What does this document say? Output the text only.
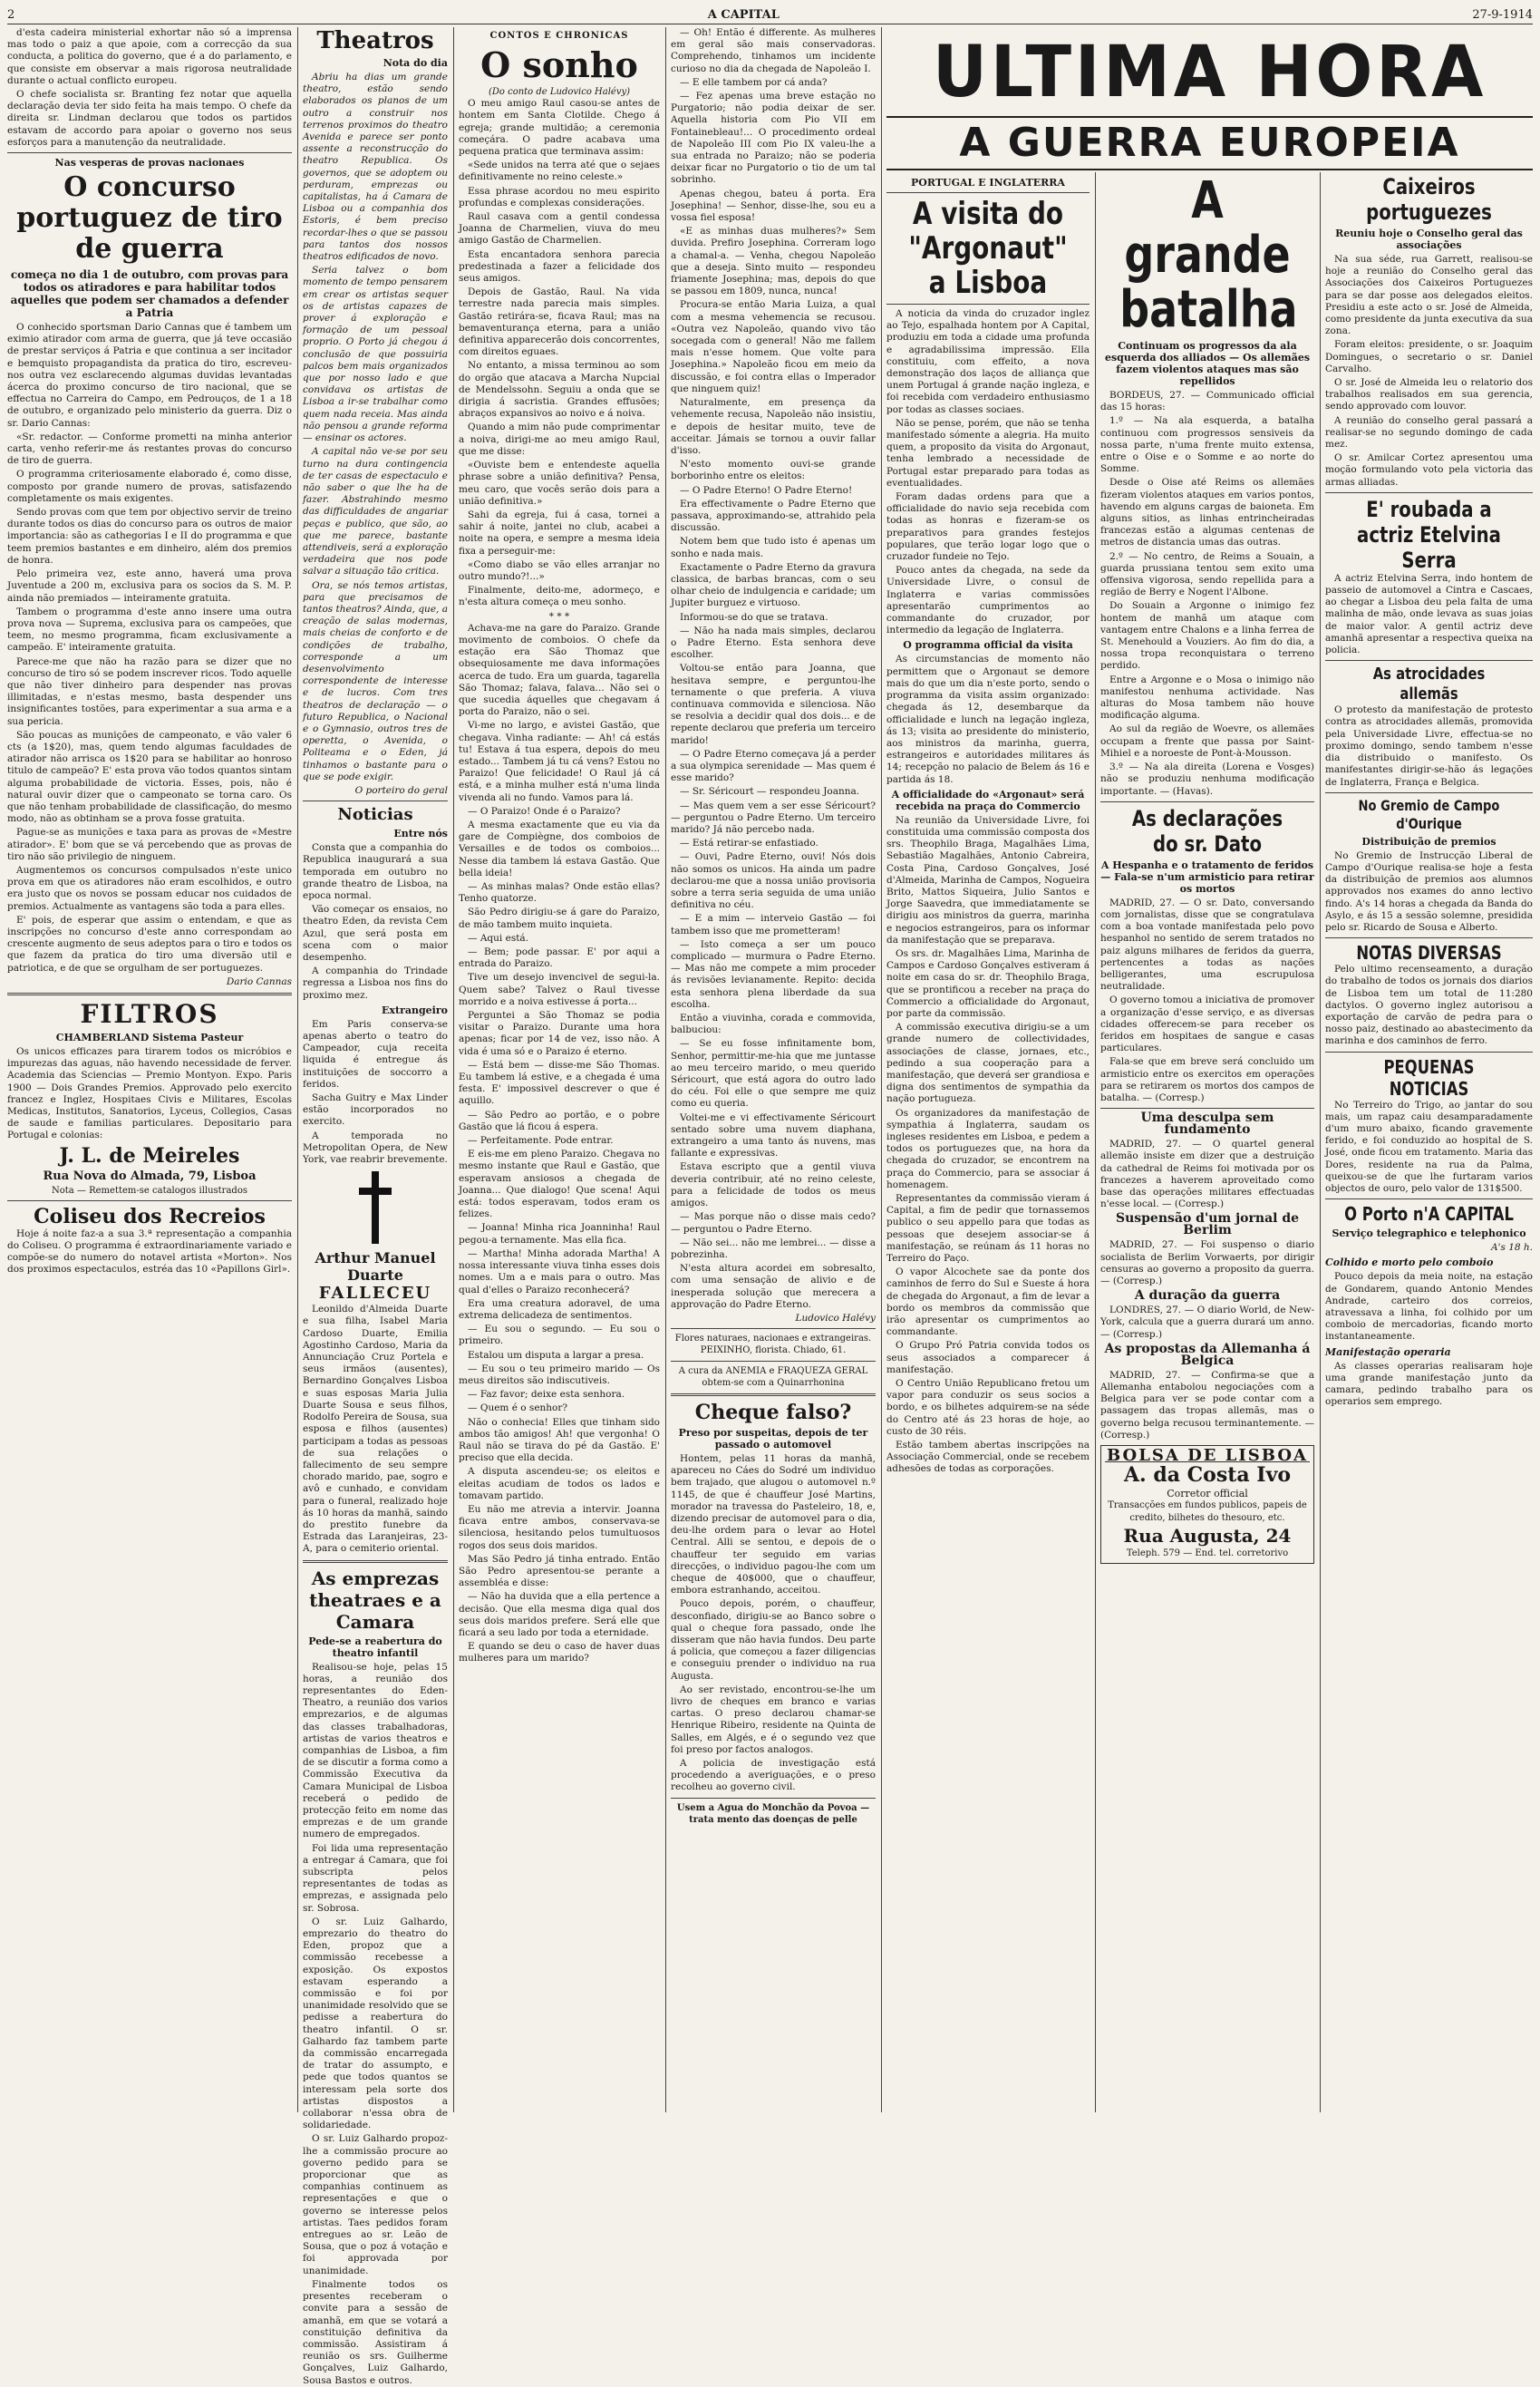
2	A CAPITAL	27-9-1914

d'esta cadeira ministerial exhortar não só a imprensa mas todo o paiz a que apoie, com a correcção da sua conducta, a politica do governo, que é a do parlamento, e que consiste em observar a mais rigorosa neutralidade durante o actual conflicto europeu.

O chefe socialista sr. Branting fez notar que aquella declaração devia ter sido feita ha mais tempo. O chefe da direita sr. Lindman declarou que todos os partidos estavam de accordo para apoiar o governo nos seus esforços para a manutenção da neutralidade.

Nas vesperas de provas nacionaes
O concurso portuguez de tiro de guerra
começa no dia 1 de outubro, com provas para todos os atiradores e para habilitar todos aquelles que podem ser chamados a defender a Patria

O conhecido sportsman Dario Cannas que é tambem um eximio atirador com arma de guerra, que já teve occasião de prestar serviços á Patria e que continua a ser incitador e bemquisto propagandista da pratica do tiro, escreveu-nos outra vez esclarecendo algumas duvidas levantadas ácerca do proximo concurso de tiro nacional, que se effectua no Carreira do Campo, em Pedrouços, de 1 a 18 de outubro, e organizado pelo ministerio da guerra. Diz o sr. Dario Cannas:

«Sr. redactor. — Conforme prometti na minha anterior carta, venho referir-me ás restantes provas do concurso de tiro de guerra.

O programma criteriosamente elaborado é, como disse, composto por grande numero de provas, satisfazendo completamente os mais exigentes.

Sendo provas com que tem por objectivo servir de treino durante todos os dias do concurso para os outros de maior importancia: são as cathegorias I e II do programma e que teem premios bastantes e em dinheiro, além dos premios de honra.

Pelo primeira vez, este anno, haverá uma prova Juventude a 200 m, exclusiva para os socios da S. M. P. ainda não premiados — inteiramente gratuita.

Tambem o programma d'este anno insere uma outra prova nova — Suprema, exclusiva para os campeões, que teem, no mesmo programma, ficam exclusivamente a campeão. E' inteiramente gratuita.

Parece-me que não ha razão para se dizer que no concurso de tiro só se podem inscrever ricos. Todo aquelle que não tiver dinheiro para despender nas provas illimitadas, e n'estas mesmo, basta despender uns insignificantes tostões, para experimentar a sua arma e a sua pericia.

São poucas as munições de campeonato, e vão valer 6 cts (a 1$20), mas, quem tendo algumas faculdades de atirador não arrisca os 1$20 para se habilitar ao honroso titulo de campeão? E' esta prova vão todos quantos sintam alguma probabilidade de victoria. Esses, pois, não é natural ouvir dizer que o campeonato se torna caro. Os que não tenham probabilidade de classificação, do mesmo modo, não as obtinham se a prova fosse gratuita.

Pague-se as munições e taxa para as provas de «Mestre atirador». E' bom que se vá percebendo que as provas de tiro não são privilegio de ninguem.

Augmentemos os concursos compulsados n'este unico prova em que os atiradores não eram escolhidos, e outro era justo que os novos se possam educar nos cuidados de premios. Actualmente as vantagens são toda a para elles.

E' pois, de esperar que assim o entendam, e que as inscripções no concurso d'este anno correspondam ao crescente augmento de seus adeptos para o tiro e todos os que fazem da pratica do tiro uma diversão util e patriotica, e de que se orgulham de ser portuguezes.

Dario Cannas
FILTROS
CHAMBERLAND Sistema Pasteur

Os unicos efficazes para tirarem todos os micróbios e impurezas das aguas, não havendo necessidade de ferver. Academia das Sciencias — Premio Montyon. Expo. Paris 1900 — Dois Grandes Premios. Approvado pelo exercito francez e Inglez, Hospitaes Civis e Militares, Escolas Medicas, Institutos, Sanatorios, Lyceus, Collegios, Casas de saude e familias particulares. Depositario para Portugal e colonias:

J. L. de Meireles
Rua Nova do Almada, 79, Lisboa
Nota — Remettem-se catalogos illustrados
Coliseu dos Recreios

Hoje á noite faz-a a sua 3.ª representação a companhia do Coliseu. O programma é extraordinariamente variado e compõe-se do numero do notavel artista «Morton». Nos dos proximos espectaculos, estréa das 10 «Papillons Girl».

Theatros
Nota do dia

Abriu ha dias um grande theatro, estão sendo elaborados os planos de um outro a construir nos terrenos proximos do theatro Avenida e parece ser ponto assente a reconstrucção do theatro Republica. Os governos, que se adoptem ou perduram, emprezas ou capitalistas, ha á Camara de Lisboa ou a companhia dos Estoris, é bem preciso recordar-lhes o que se passou para tantos dos nossos theatros edificados de novo.

Seria talvez o bom momento de tempo pensarem em crear os artistas sequer os de artistas capazes de prover á exploração e formação de um pessoal proprio. O Porto já chegou á conclusão de que possuiria palcos bem mais organizados que por nosso lado e que convidava os artistas de Lisboa a ir-se trabalhar como quem nada receia. Mas ainda não pensou a grande reforma — ensinar os actores.

A capital não ve-se por seu turno na dura contingencia de ter casas de espectaculo e não saber o que lhe ha de fazer. Abstrahindo mesmo das difficuldades de angariar peças e publico, que são, ao que me parece, bastante attendiveis, será a exploração verdadeira que nos pode salvar a situação tão critica.

Ora, se nós temos artistas, para que precisamos de tantos theatros? Ainda, que, a creação de salas modernas, mais cheias de conforto e de condições de trabalho, corresponde a um desenvolvimento correspondente de interesse e de lucros. Com tres theatros de declaração — o futuro Republica, o Nacional e o Gymnasio, outros tres de operetta, o Avenida, o Politeama e o Eden, já tinhamos o bastante para o que se pode exigir.

O porteiro do geral
Noticias
Entre nós

Consta que a companhia do Republica inaugurará a sua temporada em outubro no grande theatro de Lisboa, na epoca normal.

Vão começar os ensaios, no theatro Eden, da revista Cem Azul, que será posta em scena com o maior desempenho.

A companhia do Trindade regressa a Lisboa nos fins do proximo mez.

Extrangeiro

Em Paris conserva-se apenas aberto o teatro do Campeador, cuja receita liquida é entregue ás instituições de soccorro a feridos.

Sacha Guitry e Max Linder estão incorporados no exercito.

A temporada no Metropolitan Opera, de New York, vae reabrir brevemente.

Arthur Manuel Duarte
FALLECEU

Leonildo d'Almeida Duarte e sua filha, Isabel Maria Cardoso Duarte, Emilia Agostinho Cardoso, Maria da Annunciação Cruz Portela e seus irmãos (ausentes), Bernardino Gonçalves Lisboa e suas esposas Maria Julia Duarte Sousa e seus filhos, Rodolfo Pereira de Sousa, sua esposa e filhos (ausentes) participam a todas as pessoas de sua relações o fallecimento de seu sempre chorado marido, pae, sogro e avô e cunhado, e convidam para o funeral, realizado hoje ás 10 horas da manhã, saindo do prestito funebre da Estrada das Laranjeiras, 23-A, para o cemiterio oriental.

As emprezas theatraes e a Camara
Pede-se a reabertura do theatro infantil

Realisou-se hoje, pelas 15 horas, a reunião dos representantes do Eden-Theatro, a reunião dos varios emprezarios, e de algumas das classes trabalhadoras, artistas de varios theatros e companhias de Lisboa, a fim de se discutir a forma como a Commissão Executiva da Camara Municipal de Lisboa receberá o pedido de protecção feito em nome das emprezas e de um grande numero de empregados.

Foi lida uma representação a entregar á Camara, que foi subscripta pelos representantes de todas as emprezas, e assignada pelo sr. Sobrosa.

O sr. Luiz Galhardo, emprezario do theatro do Eden, propoz que a commissão recebesse a exposição. Os expostos estavam esperando a commissão e foi por unanimidade resolvido que se pedisse a reabertura do theatro infantil. O sr. Galhardo faz tambem parte da commissão encarregada de tratar do assumpto, e pede que todos quantos se interessam pela sorte dos artistas dispostos a collaborar n'essa obra de solidariedade.

O sr. Luiz Galhardo propoz-lhe a commissão procure ao governo pedido para se proporcionar que as companhias continuem as representações e que o governo se interesse pelos artistas. Taes pedidos foram entregues ao sr. Leão de Sousa, que o poz á votação e foi approvada por unanimidade.

Finalmente todos os presentes receberam o convite para a sessão de amanhã, em que se votará a constituição definitiva da commissão. Assistiram á reunião os srs. Guilherme Gonçalves, Luiz Galhardo, Sousa Bastos e outros.

CONTOS E CHRONICAS
O sonho
(Do conto de Ludovico Halévy)

O meu amigo Raul casou-se antes de hontem em Santa Clotilde. Chego á egreja; grande multidão; a ceremonia começára. O padre acabava uma pequena pratica que terminava assim:

«Sede unidos na terra até que o sejaes definitivamente no reino celeste.»

Essa phrase acordou no meu espirito profundas e complexas considerações.

Raul casava com a gentil condessa Joanna de Charmelien, viuva do meu amigo Gastão de Charmelien.

Esta encantadora senhora parecia predestinada a fazer a felicidade dos seus amigos.

Depois de Gastão, Raul. Na vida terrestre nada parecia mais simples. Gastão retirára-se, ficava Raul; mas na bemaventurança eterna, para a união definitiva apparecerão dois concorrentes, com direitos eguaes.

No entanto, a missa terminou ao som do orgão que atacava a Marcha Nupcial de Mendelssohn. Seguiu a onda que se dirigia á sacristia. Grandes effusões; abraços expansivos ao noivo e á noiva.

Quando a mim não pude comprimentar a noiva, dirigi-me ao meu amigo Raul, que me disse:

«Ouviste bem e entendeste aquella phrase sobre a união definitiva? Pensa, meu caro, que vocês serão dois para a união definitiva.»

Sahi da egreja, fui á casa, tornei a sahir á noite, jantei no club, acabei a noite na opera, e sempre a mesma ideia fixa a perseguir-me:

«Como diabo se vão elles arranjar no outro mundo?!...»

Finalmente, deito-me, adormeço, e n'esta altura começa o meu sonho.

* * *

Achava-me na gare do Paraizo. Grande movimento de comboios. O chefe da estação era São Thomaz que obsequiosamente me dava informações acerca de tudo. Era um guarda, tagarella São Thomaz; falava, falava... Não sei o que sucedia áquelles que chegavam á porta do Paraizo, não o sei.

Vi-me no largo, e avistei Gastão, que chegava. Vinha radiante: — Ah! cá estás tu! Estava á tua espera, depois do meu estado... Tambem já tu cá vens? Estou no Paraizo! Que felicidade! O Raul já cá está, e a minha mulher está n'uma linda vivenda ali no fundo. Vamos para lá.

— O Paraizo! Onde é o Paraizo?

A mesma exactamente que eu via da gare de Compiègne, dos comboios de Versailles e de todos os comboios... Nesse dia tambem lá estava Gastão. Que bella ideia!

— As minhas malas? Onde estão ellas? Tenho quatorze.

São Pedro dirigiu-se á gare do Paraizo, de mão tambem muito inquieta.

— Aqui está.

— Bem; pode passar. E' por aqui a entrada do Paraizo.

Tive um desejo invencivel de segui-la. Quem sabe? Talvez o Raul tivesse morrido e a noiva estivesse á porta...

Perguntei a São Thomaz se podia visitar o Paraizo. Durante uma hora apenas; ficar por 14 de vez, isso não. A vida é uma só e o Paraizo é eterno.

— Está bem — disse-me São Thomas. Eu tambem lá estive, e a chegada é uma festa. E' impossivel descrever o que é aquillo.

— São Pedro ao portão, e o pobre Gastão que lá ficou á espera.

— Perfeitamente. Pode entrar.

E eis-me em pleno Paraizo. Chegava no mesmo instante que Raul e Gastão, que esperavam ansiosos a chegada de Joanna... Que dialogo! Que scena! Aqui está: todos esperavam, todos eram os felizes.

— Joanna! Minha rica Joanninha! Raul pegou-a ternamente. Mas ella fica.

— Martha! Minha adorada Martha! A nossa interessante viuva tinha esses dois nomes. Um a e mais para o outro. Mas qual d'elles o Paraizo reconhecerá?

Era uma creatura adoravel, de uma extrema delicadeza de sentimentos.

— Eu sou o segundo. — Eu sou o primeiro.

Estalou um disputa a largar a presa.

— Eu sou o teu primeiro marido — Os meus direitos são indiscutiveis.

— Faz favor; deixe esta senhora.

— Quem é o senhor?

Não o conhecia! Elles que tinham sido ambos tão amigos! Ah! que vergonha! O Raul não se tirava do pé da Gastão. E' preciso que ella decida.

A disputa ascendeu-se; os eleitos e eleitas acudiam de todos os lados e tomavam partido.

Eu não me atrevia a intervir. Joanna ficava entre ambos, conservava-se silenciosa, hesitando pelos tumultuosos rogos dos seus dois maridos.

Mas São Pedro já tinha entrado. Então São Pedro apresentou-se perante a assembléa e disse:

— Não ha duvida que a ella pertence a decisão. Que ella mesma diga qual dos seus dois maridos prefere. Será elle que ficará a seu lado por toda a eternidade.

E quando se deu o caso de haver duas mulheres para um marido?

— Oh! Então é differente. As mulheres em geral são mais conservadoras. Comprehendo, tinhamos um incidente curioso no dia da chegada de Napoleão I.

— E elle tambem por cá anda?

— Fez apenas uma breve estação no Purgatorio; não podia deixar de ser. Aquella historia com Pio VII em Fontainebleau!... O procedimento ordeal de Napoleão III com Pio IX valeu-lhe a sua entrada no Paraizo; não se poderia deixar ficar no Purgatorio o tio de um tal sobrinho.

Apenas chegou, bateu á porta. Era Josephina! — Senhor, disse-lhe, sou eu a vossa fiel esposa!

«E as minhas duas mulheres?» Sem duvida. Prefiro Josephina. Correram logo a chamal-a. — Venha, chegou Napoleão que a deseja. Sinto muito — respondeu friamente Josephina; mas, depois do que se passou em 1809, nunca, nunca!

Procura-se então Maria Luiza, a qual com a mesma vehemencia se recusou. «Outra vez Napoleão, quando vivo tão socegada com o general! Não me fallem mais n'esse homem. Que volte para Josephina.» Napoleão ficou em meio da discussão, e foi contra ellas o Imperador que ninguem quiz!

Naturalmente, em presença da vehemente recusa, Napoleão não insistiu, e depois de hesitar muito, teve de acceitar. Jámais se tornou a ouvir fallar d'isso.

N'esto momento ouvi-se grande borborinho entre os eleitos:

— O Padre Eterno! O Padre Eterno!

Era effectivamente o Padre Eterno que passava, approximando-se, attrahido pela discussão.

Notem bem que tudo isto é apenas um sonho e nada mais.

Exactamente o Padre Eterno da gravura classica, de barbas brancas, com o seu olhar cheio de indulgencia e caridade; um Jupiter burguez e virtuoso.

Informou-se do que se tratava.

— Não ha nada mais simples, declarou o Padre Eterno. Esta senhora deve escolher.

Voltou-se então para Joanna, que hesitava sempre, e perguntou-lhe ternamente o que preferia. A viuva continuava commovida e silenciosa. Não se resolvia a decidir qual dos dois... e de repente declarou que preferia um terceiro marido!

— O Padre Eterno começava já a perder a sua olympica serenidade — Mas quem é esse marido?

— Sr. Séricourt — respondeu Joanna.

— Mas quem vem a ser esse Séricourt? — perguntou o Padre Eterno. Um terceiro marido? Já não percebo nada.

— Está retirar-se enfastiado.

— Ouvi, Padre Eterno, ouvi! Nós dois não somos os unicos. Ha ainda um padre declarou-me que a nossa união provisoria sobre a terra seria seguida de uma união definitiva no céu.

— E a mim — interveio Gastão — foi tambem isso que me prometteram!

— Isto começa a ser um pouco complicado — murmura o Padre Eterno. — Mas não me compete a mim proceder ás revisões levianamente. Repito: decida esta senhora plena liberdade da sua escolha.

Então a viuvinha, corada e commovida, balbuciou:

— Se eu fosse infinitamente bom, Senhor, permittir-me-hia que me juntasse ao meu terceiro marido, o meu querido Séricourt, que está agora do outro lado do céu. Foi elle o que sempre me quiz como eu queria.

Voltei-me e vi effectivamente Séricourt sentado sobre uma nuvem diaphana, extrangeiro a uma tanto ás nuvens, mas fallante e expressivas.

Estava escripto que a gentil viuva deveria contribuir, até no reino celeste, para a felicidade de todos os meus amigos.

— Mas porque não o disse mais cedo? — perguntou o Padre Eterno.

— Não sei... não me lembrei... — disse a pobrezinha.

N'esta altura acordei em sobresalto, com uma sensação de alivio e de inesperada solução que merecera a approvação do Padre Eterno.

Ludovico Halévy
Flores naturaes, nacionaes e extrangeiras. PEIXINHO, florista. Chiado, 61.
A cura da ANEMIA e FRAQUEZA GERAL obtem-se com a Quinarrhonina
Cheque falso?
Preso por suspeitas, depois de ter passado o automovel

Hontem, pelas 11 horas da manhã, apareceu no Cáes do Sodré um individuo bem trajado, que alugou o automovel n.º 1145, de que é chauffeur José Martins, morador na travessa do Pasteleiro, 18, e, dizendo precisar de automovel para o dia, deu-lhe ordem para o levar ao Hotel Central. Alli se sentou, e depois de o chauffeur ter seguido em varias direcções, o individuo pagou-lhe com um cheque de 40$000, que o chauffeur, embora estranhando, acceitou.

Pouco depois, porém, o chauffeur, desconfiado, dirigiu-se ao Banco sobre o qual o cheque fora passado, onde lhe disseram que não havia fundos. Deu parte á policia, que começou a fazer diligencias e conseguiu prender o individuo na rua Augusta.

Ao ser revistado, encontrou-se-lhe um livro de cheques em branco e varias cartas. O preso declarou chamar-se Henrique Ribeiro, residente na Quinta de Salles, em Algés, e é o segundo vez que foi preso por factos analogos.

A policia de investigação está procedendo a averiguações, e o preso recolheu ao governo civil.

Usem a Agua do Monchão da Povoa — trata mento das doenças de pelle
ULTIMA HORA
A GUERRA EUROPEIA
PORTUGAL E INGLATERRA
A visita do "Argonaut" a Lisboa

A noticia da vinda do cruzador inglez ao Tejo, espalhada hontem por A Capital, produziu em toda a cidade uma profunda e agradabilissima impressão. Ella constituiu, com effeito, a nova demonstração dos laços de alliança que unem Portugal á grande nação ingleza, e foi recebida com verdadeiro enthusiasmo por todas as classes sociaes.

Não se pense, porém, que não se tenha manifestado sómente a alegria. Ha muito quem, a proposito da visita do Argonaut, tenha lembrado a necessidade de Portugal estar preparado para todas as eventualidades.

Foram dadas ordens para que a officialidade do navio seja recebida com todas as honras e fizeram-se os preparativos para grandes festejos populares, que terão logar logo que o cruzador fundeie no Tejo.

Pouco antes da chegada, na sede da Universidade Livre, o consul de Inglaterra e varias commissões apresentarão cumprimentos ao commandante do cruzador, por intermedio da legação de Inglaterra.

O programma official da visita

As circumstancias de momento não permittem que o Argonaut se demore mais do que um dia n'este porto, sendo o programma da visita assim organizado: chegada ás 12, desembarque da officialidade e lunch na legação ingleza, ás 13; visita ao presidente do ministerio, aos ministros da marinha, guerra, estrangeiros e autoridades militares ás 14; recepção no palacio de Belem ás 16 e partida ás 18.

A officialidade do «Argonaut» será recebida na praça do Commercio

Na reunião da Universidade Livre, foi constituida uma commissão composta dos srs. Theophilo Braga, Magalhães Lima, Sebastião Magalhães, Antonio Cabreira, Costa Pina, Cardoso Gonçalves, José d'Almeida, Marinha de Campos, Nogueira Brito, Mattos Siqueira, Julio Santos e Jorge Saavedra, que immediatamente se dirigiu aos ministros da guerra, marinha e negocios estrangeiros, para os informar da manifestação que se preparava.

Os srs. dr. Magalhães Lima, Marinha de Campos e Cardoso Gonçalves estiveram á noite em casa do sr. dr. Theophilo Braga, que se prontificou a receber na praça do Commercio a officialidade do Argonaut, por parte da commissão.

A commissão executiva dirigiu-se a um grande numero de collectividades, associações de classe, jornaes, etc., pedindo a sua cooperação para a manifestação, que deverá ser grandiosa e digna dos sentimentos de sympathia da nação portugueza.

Os organizadores da manifestação de sympathia á Inglaterra, saudam os ingleses residentes em Lisboa, e pedem a todos os portuguezes que, na hora da chegada do cruzador, se encontrem na praça do Commercio, para se associar á homenagem.

Representantes da commissão vieram á Capital, a fim de pedir que tornassemos publico o seu appello para que todas as pessoas que desejem associar-se á manifestação, se reúnam ás 11 horas no Terreiro do Paço.

O vapor Alcochete sae da ponte dos caminhos de ferro do Sul e Sueste á hora de chegada do Argonaut, a fim de levar a bordo os membros da commissão que irão apresentar os cumprimentos ao commandante.

O Grupo Pró Patria convida todos os seus associados a comparecer á manifestação.

O Centro União Republicano fretou um vapor para conduzir os seus socios a bordo, e os bilhetes adquirem-se na séde do Centro até ás 23 horas de hoje, ao custo de 30 réis.

Estão tambem abertas inscripções na Associação Commercial, onde se recebem adhesões de todas as corporações.

A grande batalha
Continuam os progressos da ala esquerda dos alliados — Os allemães fazem violentos ataques mas são repellidos

BORDEUS, 27. — Communicado official das 15 horas:

1.º — Na ala esquerda, a batalha continuou com progressos sensiveis da nossa parte, n'uma frente muito extensa, entre o Oise e o Somme e ao norte do Somme.

Desde o Oise até Reims os allemães fizeram violentos ataques em varios pontos, havendo em alguns cargas de baioneta. Em alguns sitios, as linhas entrincheiradas francezas estão a algumas centenas de metros de distancia umas das outras.

2.º — No centro, de Reims a Souain, a guarda prussiana tentou sem exito uma offensiva vigorosa, sendo repellida para a região de Berry e Nogent l'Albone.

Do Souain a Argonne o inimigo fez hontem de manhã um ataque com vantagem entre Chalons e a linha ferrea de St. Menehould a Vouziers. Ao fim do dia, a nossa tropa reconquistara o terreno perdido.

Entre a Argonne e o Mosa o inimigo não manifestou nenhuma actividade. Nas alturas do Mosa tambem não houve modificação alguma.

Ao sul da região de Woevre, os allemães occupam a frente que passa por Saint-Mihiel e a noroeste de Pont-à-Mousson.

3.º — Na ala direita (Lorena e Vosges) não se produziu nenhuma modificação importante. — (Havas).

As declarações do sr. Dato
A Hespanha e o tratamento de feridos — Fala-se n'um armisticio para retirar os mortos

MADRID, 27. — O sr. Dato, conversando com jornalistas, disse que se congratulava com a boa vontade manifestada pelo povo hespanhol no sentido de serem tratados no paiz alguns milhares de feridos da guerra, pertencentes a todas as nações belligerantes, uma escrupulosa neutralidade.

O governo tomou a iniciativa de promover a organização d'esse serviço, e as diversas cidades offerecem-se para receber os feridos em hospitaes de sangue e casas particulares.

Fala-se que em breve será concluido um armisticio entre os exercitos em operações para se retirarem os mortos dos campos de batalha. — (Corresp.)

Uma desculpa sem fundamento

MADRID, 27. — O quartel general allemão insiste em dizer que a destruição da cathedral de Reims foi motivada por os francezes a haverem aproveitado como base das operações militares effectuadas n'esse local. — (Corresp.)

Suspensão d'um jornal de Berlim

MADRID, 27. — Foi suspenso o diario socialista de Berlim Vorwaerts, por dirigir censuras ao governo a proposito da guerra. — (Corresp.)

A duração da guerra

LONDRES, 27. — O diario World, de New-York, calcula que a guerra durará um anno. — (Corresp.)

As propostas da Allemanha á Belgica

MADRID, 27. — Confirma-se que a Allemanha entabolou negociações com a Belgica para ver se pode contar com a passagem das tropas allemãs, mas o governo belga recusou terminantemente. — (Corresp.)

BOLSA DE LISBOA
A. da Costa Ivo
Corretor official
Transacções em fundos publicos, papeis de credito, bilhetes do thesouro, etc.
Rua Augusta, 24
Teleph. 579 — End. tel. corretorivo
Caixeiros portuguezes
Reuniu hoje o Conselho geral das associações

Na sua séde, rua Garrett, realisou-se hoje a reunião do Conselho geral das Associações dos Caixeiros Portuguezes para se dar posse aos delegados eleitos. Presidiu a este acto o sr. José de Almeida, como presidente da junta executiva da sua zona.

Foram eleitos: presidente, o sr. Joaquim Domingues, o secretario o sr. Daniel Carvalho.

O sr. José de Almeida leu o relatorio dos trabalhos realisados em sua gerencia, sendo approvado com louvor.

A reunião do conselho geral passará a realisar-se no segundo domingo de cada mez.

O sr. Amilcar Cortez apresentou uma moção formulando voto pela victoria das armas alliadas.

E' roubada a actriz Etelvina Serra

A actriz Etelvina Serra, indo hontem de passeio de automovel a Cintra e Cascaes, ao chegar a Lisboa deu pela falta de uma malinha de mão, onde levava as suas joias de maior valor. A gentil actriz deve amanhã apresentar a respectiva queixa na policia.

As atrocidades allemãs

O protesto da manifestação de protesto contra as atrocidades allemãs, promovida pela Universidade Livre, effectua-se no proximo domingo, sendo tambem n'esse dia distribuido o manifesto. Os manifestantes dirigir-se-hão ás legações de Inglaterra, França e Belgica.

No Gremio de Campo d'Ourique
Distribuição de premios

No Gremio de Instrucção Liberal de Campo d'Ourique realisa-se hoje a festa da distribuição de premios aos alumnos approvados nos exames do anno lectivo findo. A's 14 horas a chegada da Banda do Asylo, e ás 15 a sessão solemne, presidida pelo sr. Ricardo de Sousa e Alberto.

NOTAS DIVERSAS

Pelo ultimo recenseamento, a duração do trabalho de todos os jornais dos diarios de Lisboa tem um total de 11:280 dactylos. O governo inglez autorisou a exportação de carvão de pedra para o nosso paiz, destinado ao abastecimento da marinha e dos caminhos de ferro.

PEQUENAS NOTICIAS

No Terreiro do Trigo, ao jantar do sou mais, um rapaz caiu desamparadamente d'um muro abaixo, ficando gravemente ferido, e foi conduzido ao hospital de S. José, onde ficou em tratamento. Maria das Dores, residente na rua da Palma, queixou-se de que lhe furtaram varios objectos de ouro, pelo valor de 131$500.

O Porto n'A CAPITAL
Serviço telegraphico e telephonico
A's 18 h.
Colhido e morto pelo comboio

Pouco depois da meia noite, na estação de Gondarem, quando Antonio Mendes Andrade, carteiro dos correios, atravessava a linha, foi colhido por um comboio de mercadorias, ficando morto instantaneamente.

Manifestação operaria

As classes operarias realisaram hoje uma grande manifestação junto da camara, pedindo trabalho para os operarios sem emprego.
